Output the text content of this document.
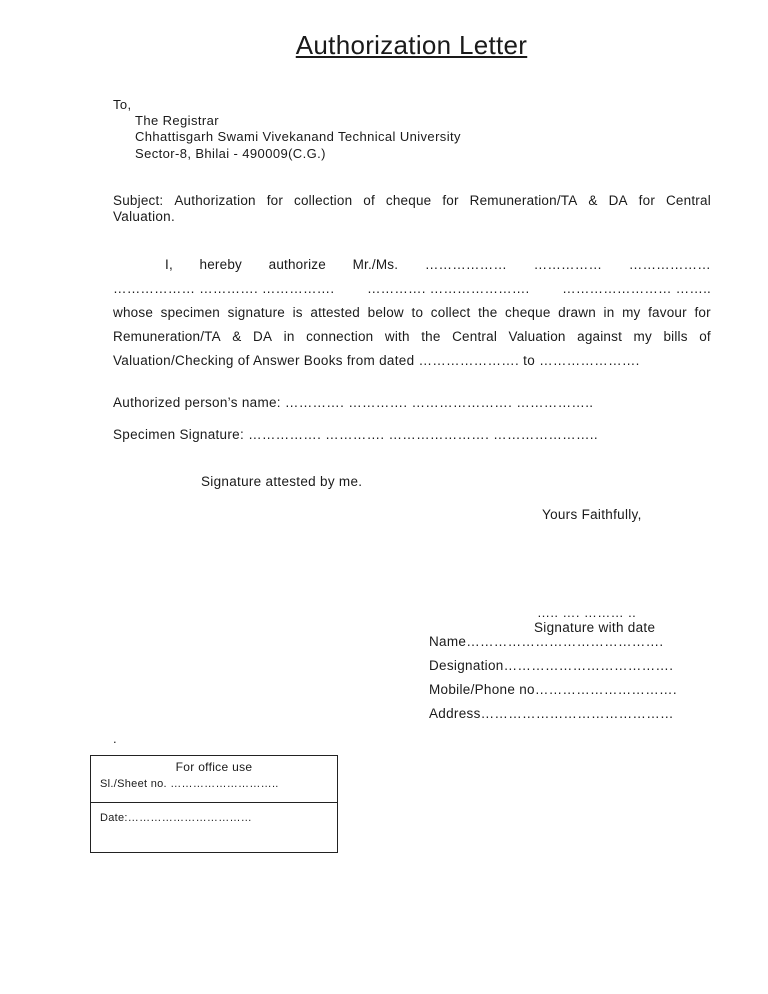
Authorization Letter
To,
The Registrar
Chhattisgarh Swami Vivekanand Technical University
Sector-8, Bhilai - 490009(C.G.)
Subject: Authorization for collection of cheque for Remuneration/TA & DA for Central
Valuation.
I, hereby authorize Mr./Ms. ……………… …………… ………………
……………… …………. ……………. …………. …………………. …………………… ……..
whose specimen signature is attested below to collect the cheque drawn in my favour for
Remuneration/TA & DA in connection with the Central Valuation against my bills of
Valuation/Checking of Answer Books from dated …………………. to ………………….
Authorized person’s name: …………. …………. …………………. ……………..
Specimen Signature: ……………. …………. …………………. …………………..
Signature attested by me.
Yours Faithfully,
….. …. ……… ..
Signature with date
Name…………………………………….
Designation……………………………….
Mobile/Phone no………………………….
Address……………………………………
.
For office use
Sl./Sheet no. ………………………..
Date:……………………………
